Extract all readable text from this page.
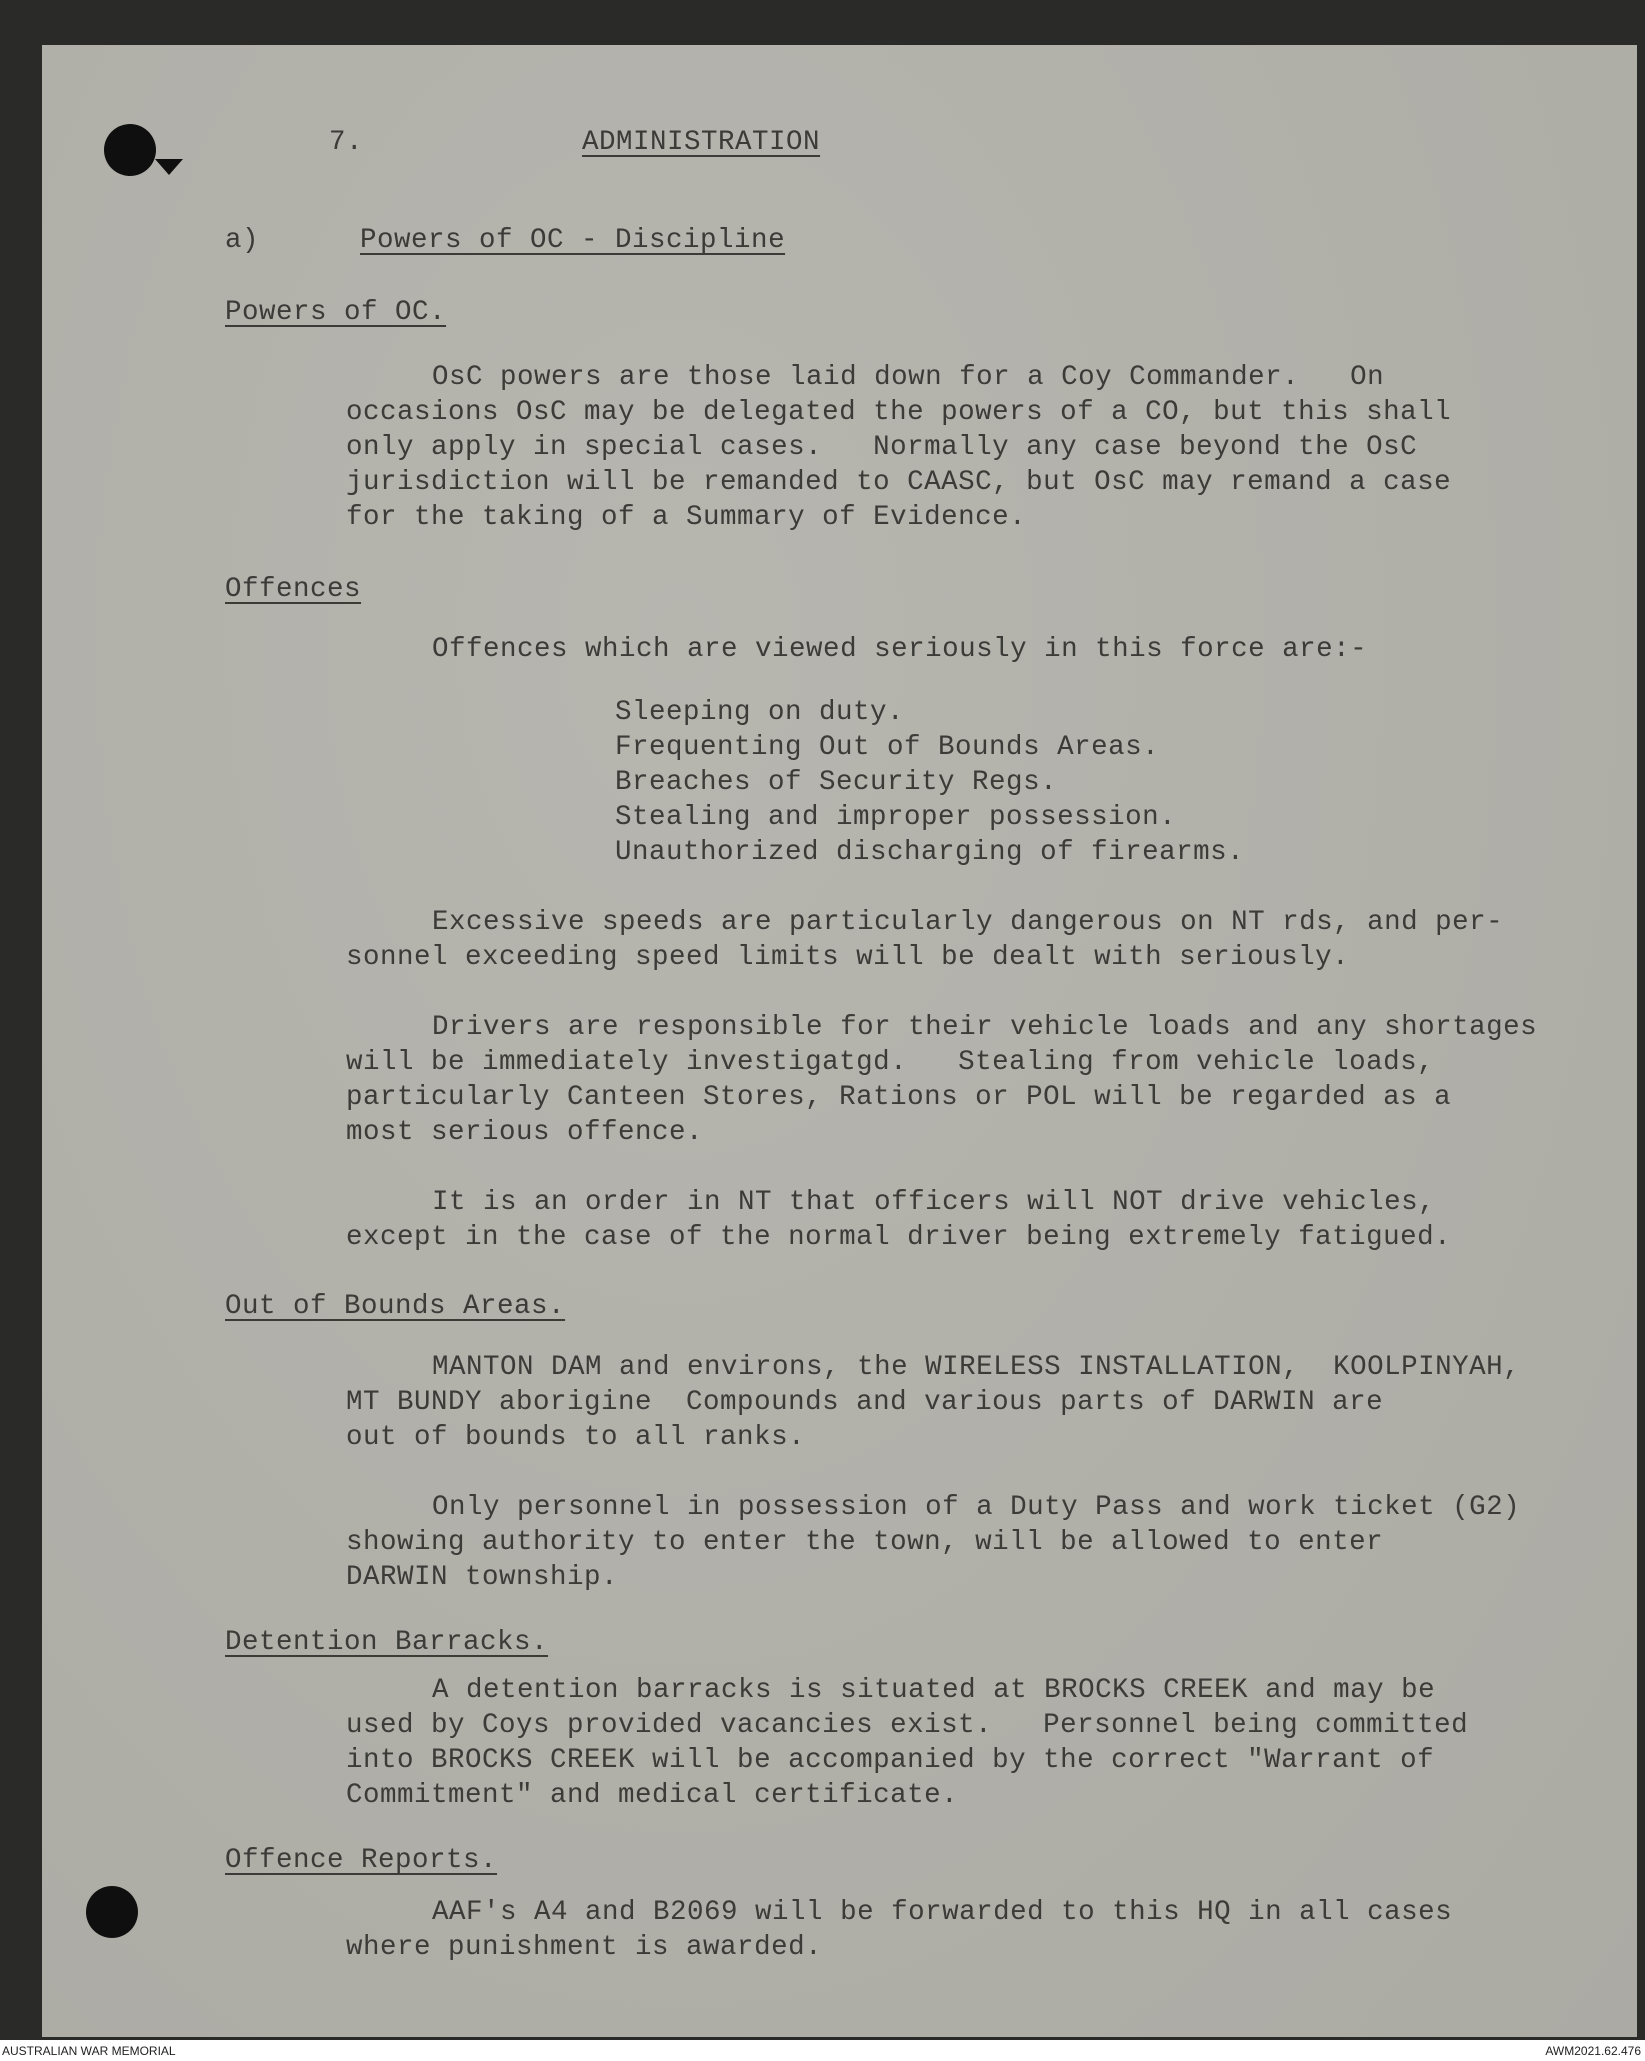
7.	ADMINISTRATION
a)	Powers of OC - Discipline
Powers of OC.
OsC powers are those laid down for a Coy Commander.   On
occasions OsC may be delegated the powers of a CO, but this shall
only apply in special cases.   Normally any case beyond the OsC
jurisdiction will be remanded to CAASC, but OsC may remand a case
for the taking of a Summary of Evidence.
Offences
Offences which are viewed seriously in this force are:-
Sleeping on duty.
Frequenting Out of Bounds Areas.
Breaches of Security Regs.
Stealing and improper possession.
Unauthorized discharging of firearms.
Excessive speeds are particularly dangerous on NT rds, and per-
sonnel exceeding speed limits will be dealt with seriously.
Drivers are responsible for their vehicle loads and any shortages
will be immediately investigatgd.   Stealing from vehicle loads,
particularly Canteen Stores, Rations or POL will be regarded as a
most serious offence.
It is an order in NT that officers will NOT drive vehicles,
except in the case of the normal driver being extremely fatigued.
Out of Bounds Areas.
MANTON DAM and environs, the WIRELESS INSTALLATION,  KOOLPINYAH,
MT BUNDY aborigine  Compounds and various parts of DARWIN are
out of bounds to all ranks.
Only personnel in possession of a Duty Pass and work ticket (G2)
showing authority to enter the town, will be allowed to enter
DARWIN township.
Detention Barracks.
A detention barracks is situated at BROCKS CREEK and may be
used by Coys provided vacancies exist.   Personnel being committed
into BROCKS CREEK will be accompanied by the correct "Warrant of
Commitment" and medical certificate.
Offence Reports.
AAF's A4 and B2069 will be forwarded to this HQ in all cases
where punishment is awarded.
AUSTRALIAN WAR MEMORIAL	AWM2021.62.476
